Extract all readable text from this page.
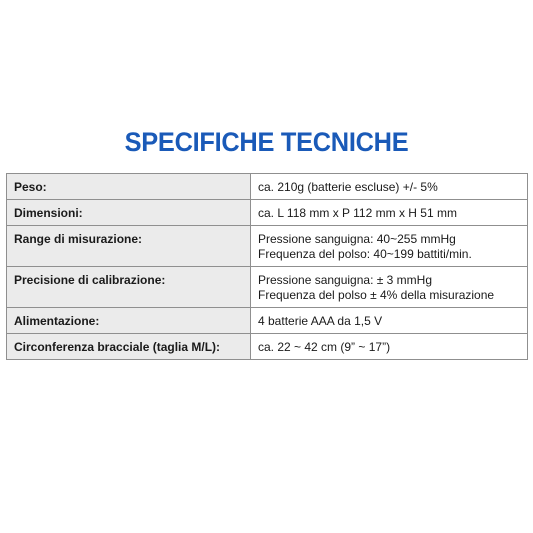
SPECIFICHE TECNICHE
Peso:	ca. 210g (batterie escluse) +/- 5%

Dimensioni:	ca. L 118 mm x P 112 mm x H 51 mm

Range di misurazione:	Pressione sanguigna: 40~255 mmHg
Frequenza del polso: 40~199 battiti/min.

Precisione di calibrazione:	Pressione sanguigna: ± 3 mmHg
Frequenza del polso ± 4% della misurazione

Alimentazione:	4 batterie AAA da 1,5 V

Circonferenza bracciale (taglia M/L):	ca. 22 ~ 42 cm (9” ~ 17”)
